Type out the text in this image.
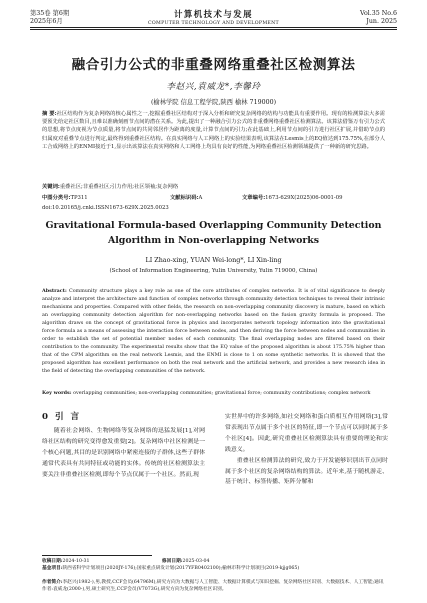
第35卷 第6期
2025年6月
计算机技术与发展
COMPUTER TECHNOLOGY AND DEVELOPMENT
Vol.35 No.6
Jun. 2025
融合引力公式的非重叠网络重叠社区检测算法
李赵兴,袁威龙*,李馨玲
(榆林学院 信息工程学院,陕西 榆林 719000)
摘 要:社区结构作为复杂网络的核心属性之一,挖掘重叠社区结构对于深入分析和研究复杂网络的结构与功能具有重要作用。现有的检测算法大多需要预先给定社区数目,且难以准确刻画节点间的潜在关系。为此,提出了一种融合引力公式的非重叠网络重叠社区检测算法。该算法借鉴万有引力公式的思想,将节点度视为节点质量,将节点间的共同邻居作为距离的度量,计算节点间的引力;在此基础上,利用节点间的引力进行社区扩展,并借助节点的归属度对重叠节点进行判定,最终得到重叠社区结构。在真实网络与人工网络上的实验结果表明,该算法在Lesmis上的EQ值达到175.75%,在部分人工合成网络上的ENMI接近于1,显示出该算法在真实网络和人工网络上均具有良好的性能,为网络重叠社区检测领域提供了一种新的研究思路。
关键词:重叠社区;非重叠社区;引力作用;社区领袖;复杂网络
中图分类号:TP311	文献标识码:A	文章编号:1673-629X(2025)06-0001-09
doi:10.20165/j.cnki.ISSN1673-629X.2025.0023
Gravitational Formula-based Overlapping Community Detection Algorithm in Non-overlapping Networks
LI Zhao-xing, YUAN Wei-long*, LI Xin-ling
(School of Information Engineering, Yulin University, Yulin 719000, China)
Abstract: Community structure plays a key role as one of the core attributes of complex networks. It is of vital significance to deeply analyze and interpret the architecture and function of complex networks through community detection techniques to reveal their intrinsic mechanisms and properties. Compared with other fields, the research on non-overlapping community discovery is mature, based on which an overlapping community detection algorithm for non-overlapping networks based on the fusion gravity formula is proposed. The algorithm draws on the concept of gravitational force in physics and incorporates network topology information into the gravitational force formula as a means of assessing the interaction force between nodes, and then deriving the force between nodes and communities in order to establish the set of potential member nodes of each community. The final overlapping nodes are filtered based on their contribution to the community. The experimental results show that the EQ value of the proposed algorithm is about 175.75% higher than that of the CPM algorithm on the real network Lesmis, and the ENMI is close to 1 on some synthetic networks. It is showed that the proposed algorithm has excellent performance on both the real network and the artificial network, and provides a new research idea in the field of detecting the overlapping communities of the network.
Key words: overlapping communities; non-overlapping communities; gravitational force; community contributions; complex network
0 引 言
随着社会网络、生物网络等复杂网络的迅猛发展[1],对网络社区结构的研究变得愈发重要[2]。复杂网络中社区检测是一个核心问题,其目的是识别网络中紧密连接的子群体,这些子群体通常代表具有共同特征或功能的实体。传统的社区检测算法主要关注非重叠社区检测,即每个节点仅属于一个社区。然而,现
实世界中的许多网络,如社交网络和蛋白质相互作用网络[3],常常表现出节点属于多个社区的特征,即一个节点可以同时属于多个社区[4]。因此,研究重叠社区检测算法具有重要的理论和实践意义。
重叠社区检测算法的研究,致力于开发能够识别出节点同时属于多个社区的复杂网络结构的算法。近年来,基于随机游走、基于统计、标签传播、矩阵分解和
收稿日期:2024-10-31	修回日期:2025-03-04
基金项目:陕西省科学计划项目(2020JY-176);国家重点研发计划(2017YFB0402100);榆林市科学计划项目(2019-kjjg065)
作者简介:李赵兴(1982-),男,教授,CCF会员(64796M),研究方向为大数据与人工智能、大数据计算模式与知识挖掘、复杂网络社区识别、大数据技术、人工智能;通讯作者:袁威龙(2000-),男,硕士研究生,CCF会员(V7073G),研究方向为复杂网络社区识别。
